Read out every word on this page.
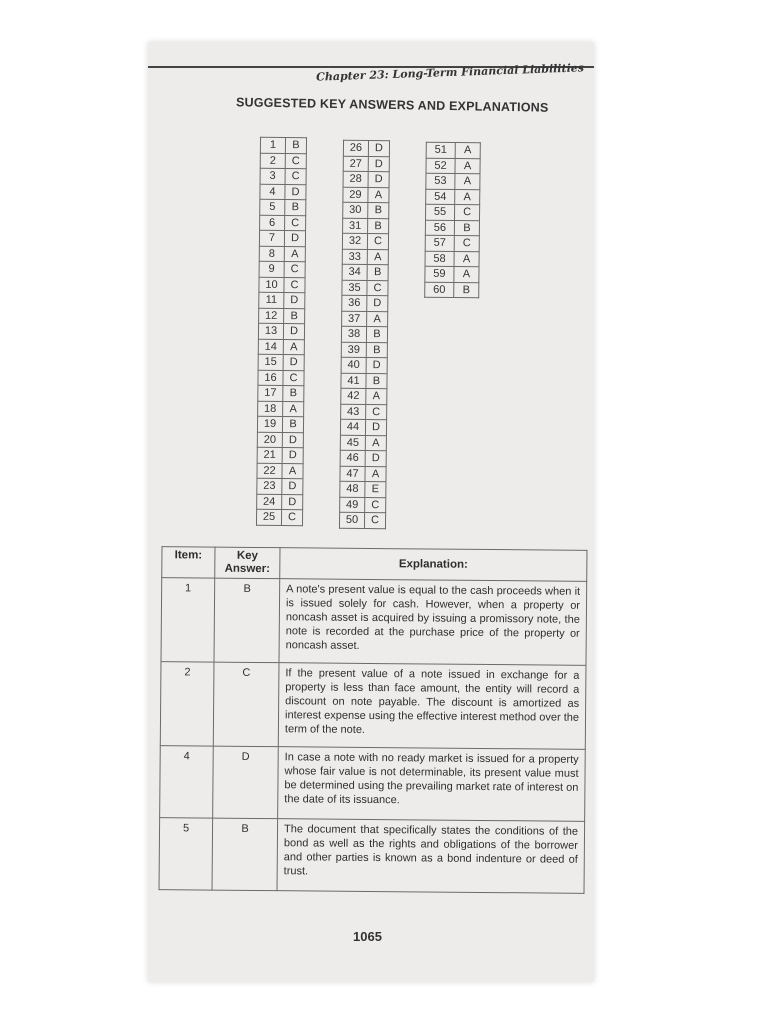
Chapter 23: Long-Term Financial Liabilities
SUGGESTED KEY ANSWERS AND EXPLANATIONS
1	B
2	C
3	C
4	D
5	B
6	C
7	D
8	A
9	C
10	C
11	D
12	B
13	D
14	A
15	D
16	C
17	B
18	A
19	B
20	D
21	D
22	A
23	D
24	D
25	C
26	D
27	D
28	D
29	A
30	B
31	B
32	C
33	A
34	B
35	C
36	D
37	A
38	B
39	B
40	D
41	B
42	A
43	C
44	D
45	A
46	D
47	A
48	E
49	C
50	C
51	A
52	A
53	A
54	A
55	C
56	B
57	C
58	A
59	A
60	B
Item:	Key Answer:	Explanation:
1	B	A note's present value is equal to the cash proceeds when it is issued solely for cash. However, when a property or noncash asset is acquired by issuing a promissory note, the note is recorded at the purchase price of the property or noncash asset.
2	C	If the present value of a note issued in exchange for a property is less than face amount, the entity will record a discount on note payable. The discount is amortized as interest expense using the effective interest method over the term of the note.
4	D	In case a note with no ready market is issued for a property whose fair value is not determinable, its present value must be determined using the prevailing market rate of interest on the date of its issuance.
5	B	The document that specifically states the conditions of the bond as well as the rights and obligations of the borrower and other parties is known as a bond indenture or deed of trust.
1065
